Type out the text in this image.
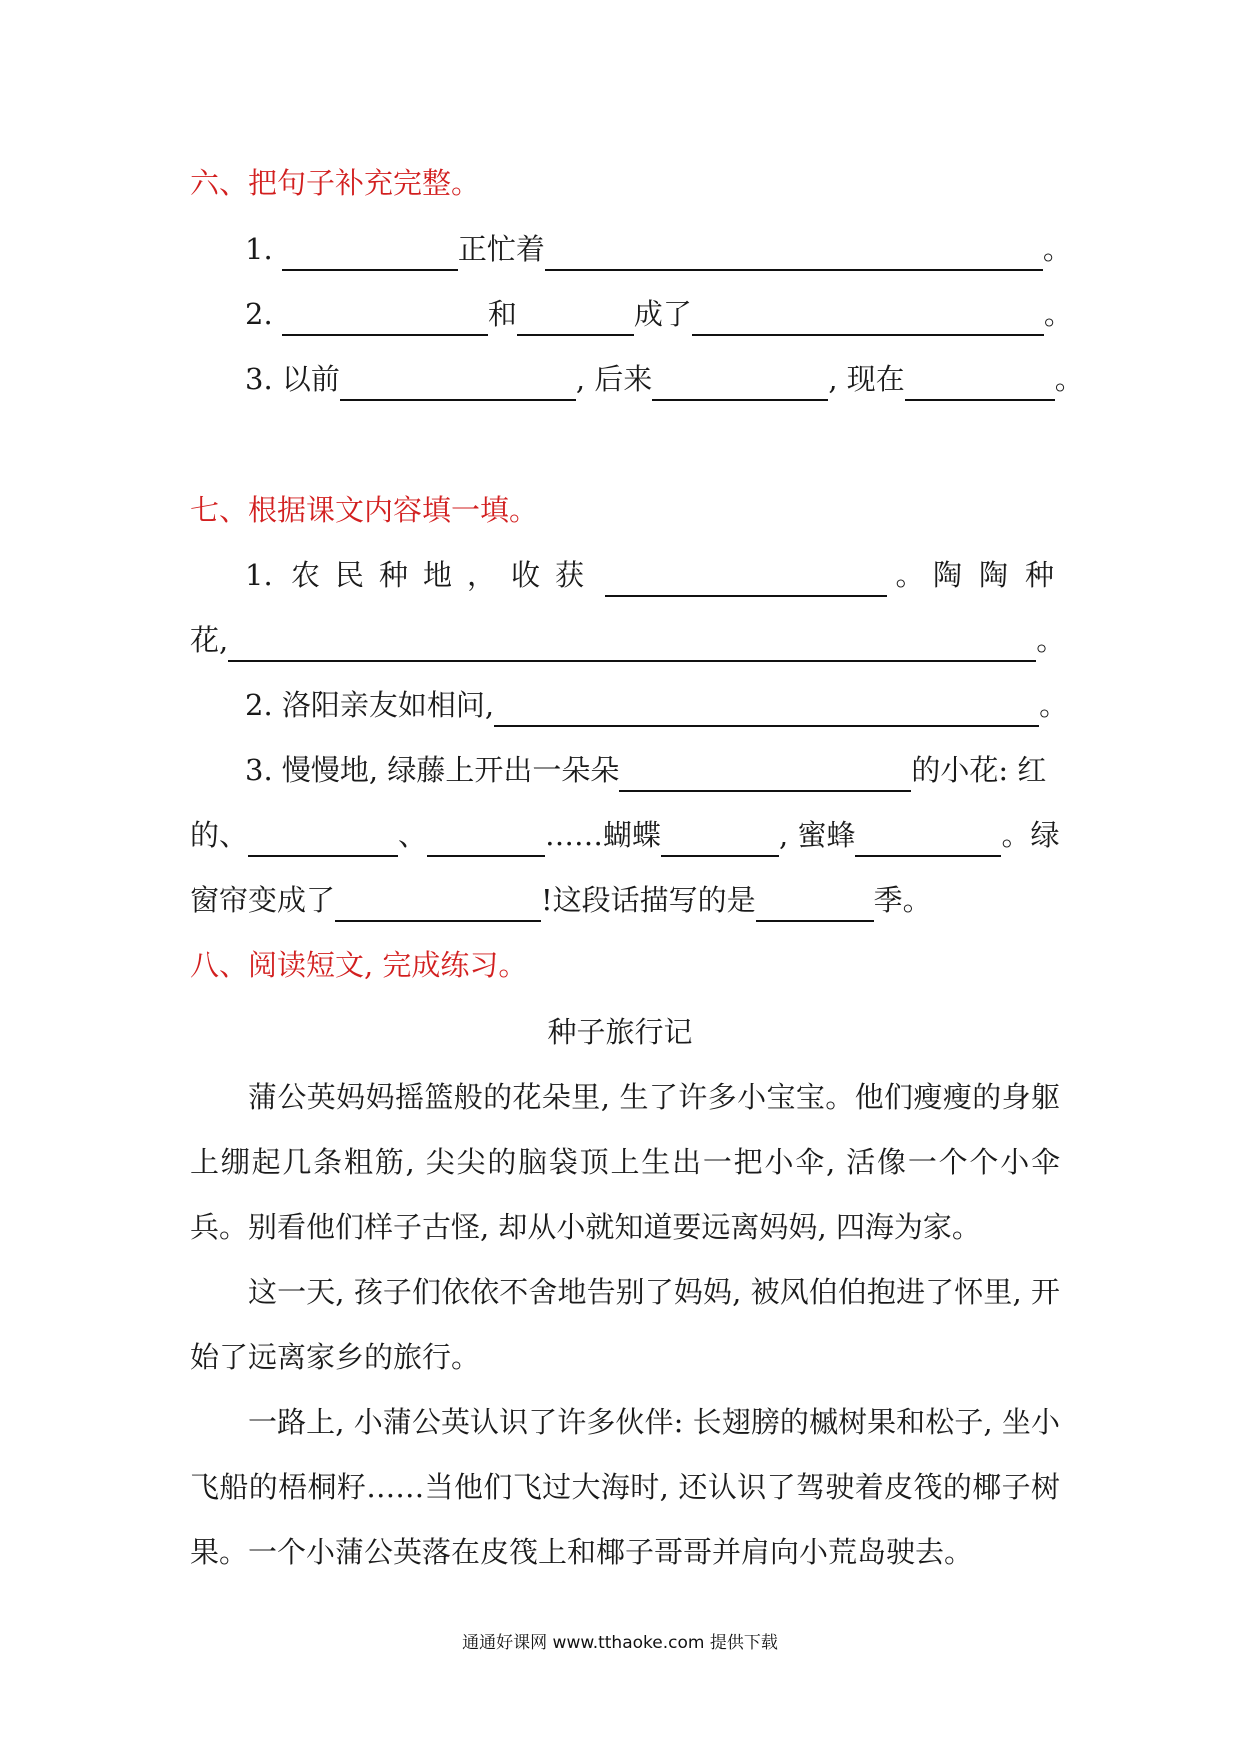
六、把句子补充完整。
1.	正忙着	。
2.	和	成了	。
3. 以前	, 后来	, 现在	。
七、根据课文内容填一填。
1. 农 民 种 地 ， 收 获	。 陶 陶 种
花,	。
2. 洛阳亲友如相问,	。
3. 慢慢地, 绿藤上开出一朵朵	的小花: 红
的、	、	……蝴蝶	, 蜜蜂	。绿
窗帘变成了	!这段话描写的是	季。
八、阅读短文, 完成练习。
种子旅行记
蒲公英妈妈摇篮般的花朵里, 生了许多小宝宝。他们瘦瘦的身躯上绷起几条粗筋, 尖尖的脑袋顶上生出一把小伞, 活像一个个小伞兵。别看他们样子古怪, 却从小就知道要远离妈妈, 四海为家。
这一天, 孩子们依依不舍地告别了妈妈, 被风伯伯抱进了怀里, 开始了远离家乡的旅行。
一路上, 小蒲公英认识了许多伙伴: 长翅膀的槭树果和松子, 坐小飞船的梧桐籽……当他们飞过大海时, 还认识了驾驶着皮筏的椰子树果。一个小蒲公英落在皮筏上和椰子哥哥并肩向小荒岛驶去。
通通好课网 www.tthaoke.com 提供下载
